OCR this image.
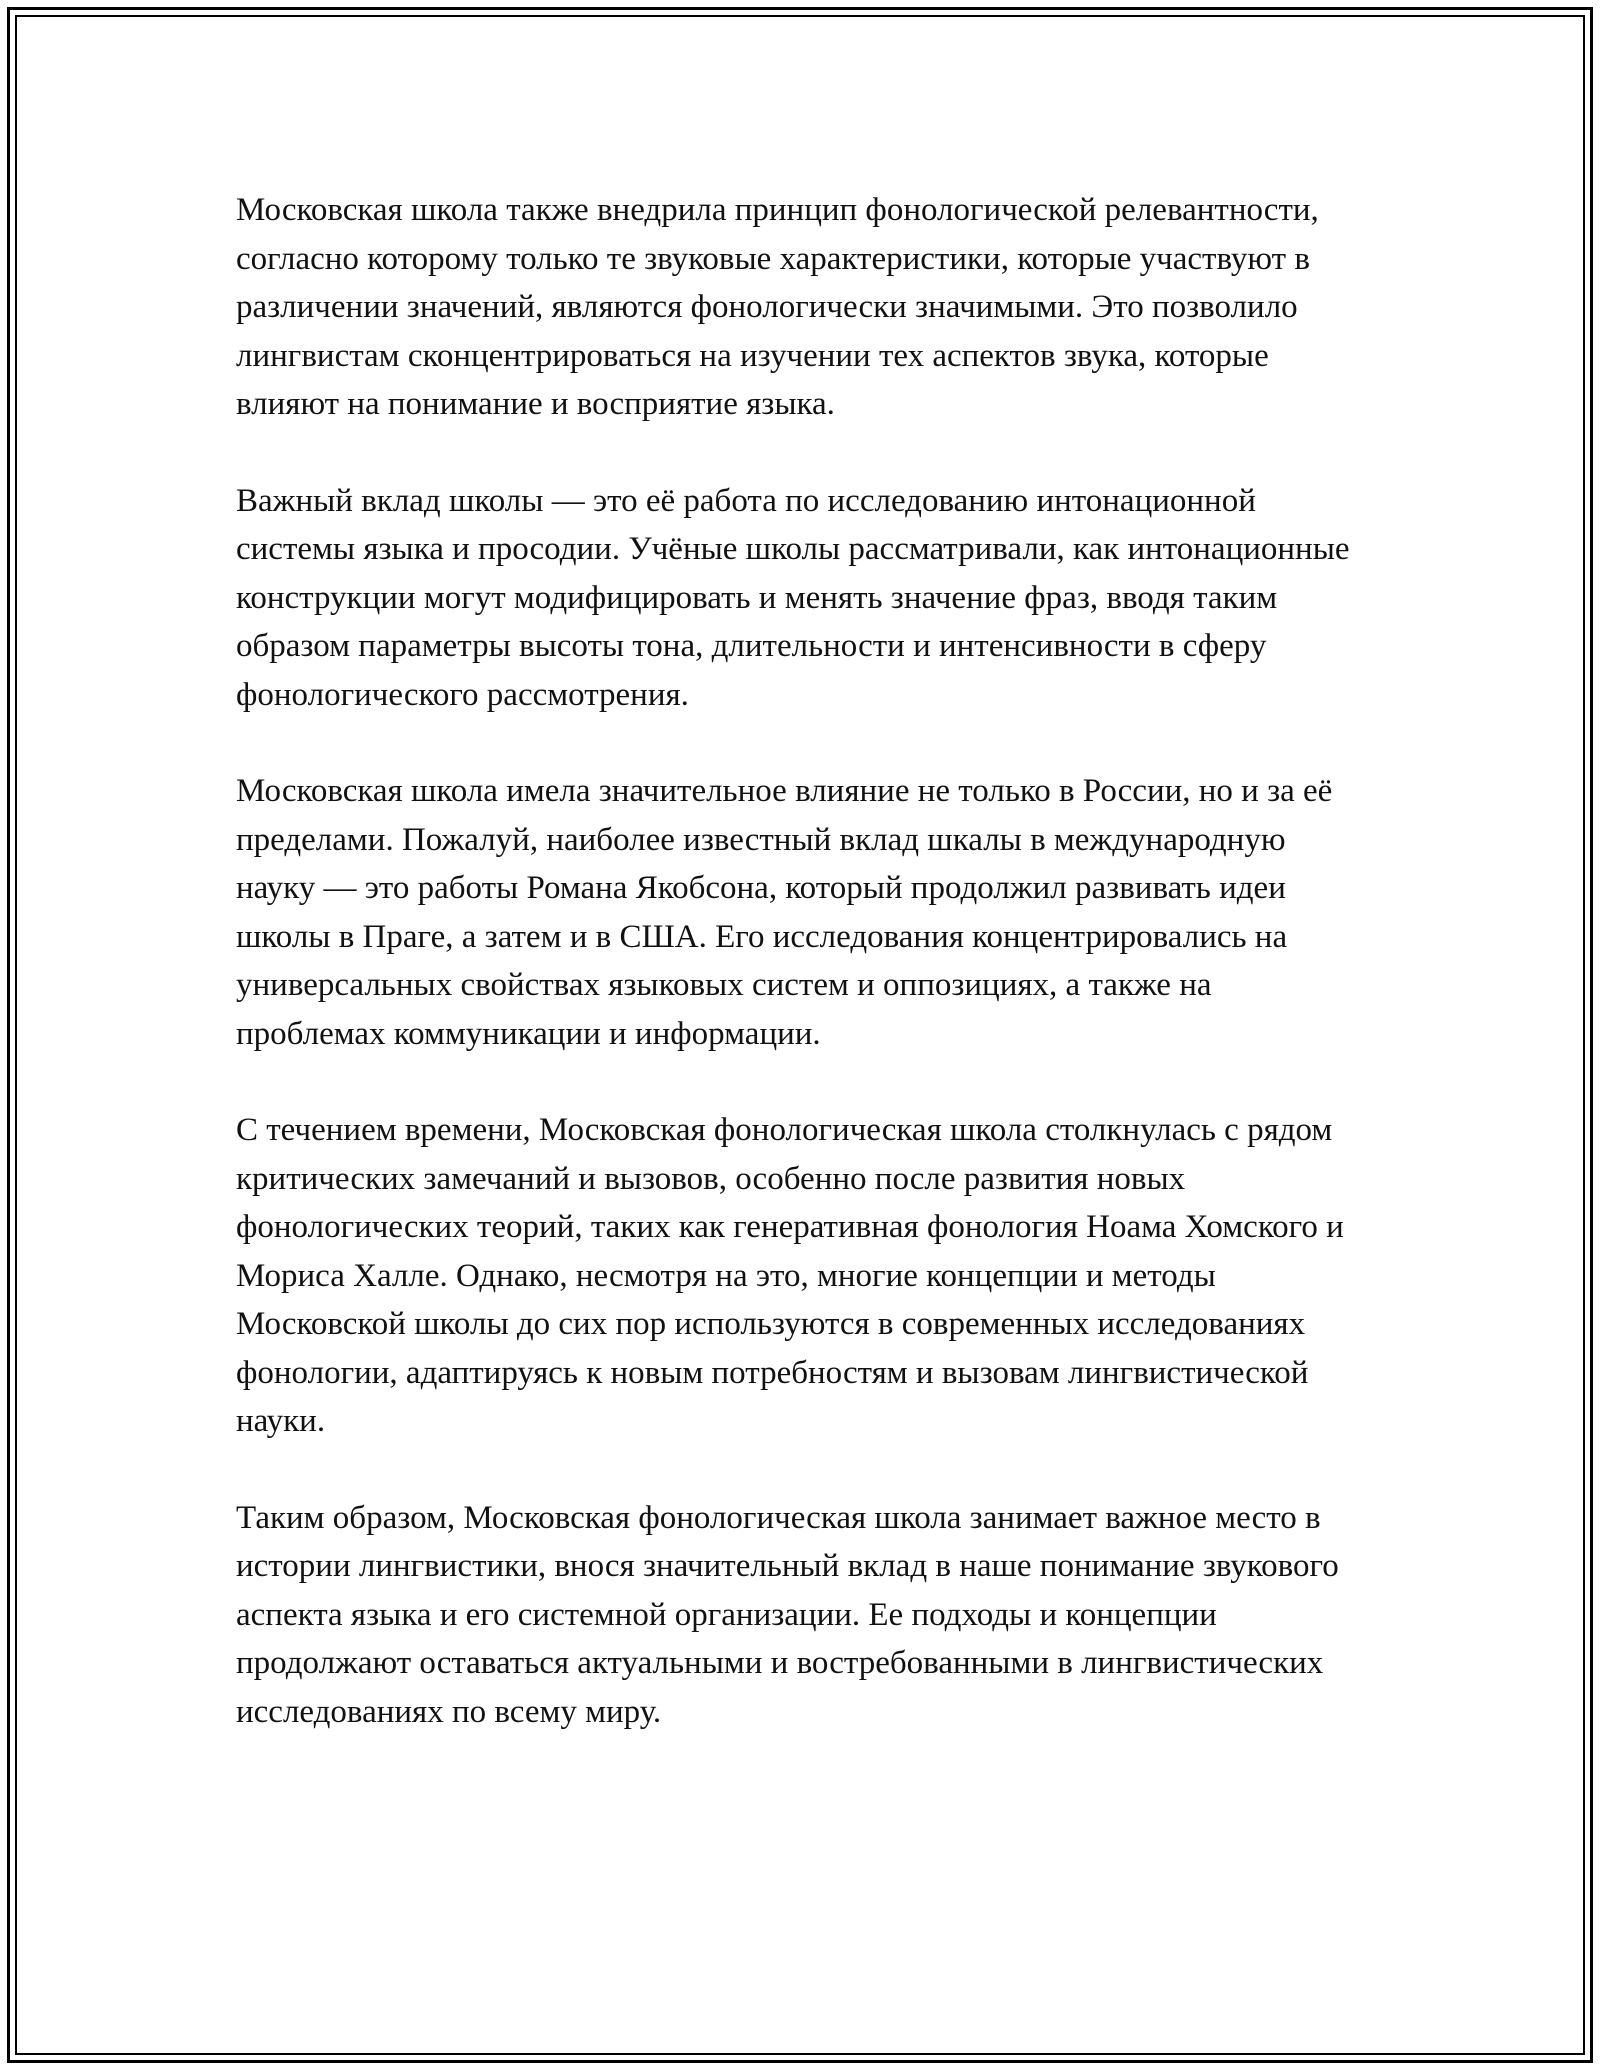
Московская школа также внедрила принцип фонологической релевантности, согласно которому только те звуковые характеристики, которые участвуют в различении значений, являются фонологически значимыми. Это позволило лингвистам сконцентрироваться на изучении тех аспектов звука, которые влияют на понимание и восприятие языка.

Важный вклад школы — это её работа по исследованию интонационной системы языка и просодии. Учёные школы рассматривали, как интонационные конструкции могут модифицировать и менять значение фраз, вводя таким образом параметры высоты тона, длительности и интенсивности в сферу фонологического рассмотрения.

Московская школа имела значительное влияние не только в России, но и за её пределами. Пожалуй, наиболее известный вклад шкалы в международную науку — это работы Романа Якобсона, который продолжил развивать идеи школы в Праге, а затем и в США. Его исследования концентрировались на универсальных свойствах языковых систем и оппозициях, а также на проблемах коммуникации и информации.

С течением времени, Московская фонологическая школа столкнулась с рядом критических замечаний и вызовов, особенно после развития новых фонологических теорий, таких как генеративная фонология Ноама Хомского и Мориса Халле. Однако, несмотря на это, многие концепции и методы Московской школы до сих пор используются в современных исследованиях фонологии, адаптируясь к новым потребностям и вызовам лингвистической науки.

Таким образом, Московская фонологическая школа занимает важное место в истории лингвистики, внося значительный вклад в наше понимание звукового аспекта языка и его системной организации. Ее подходы и концепции продолжают оставаться актуальными и востребованными в лингвистических исследованиях по всему миру.
